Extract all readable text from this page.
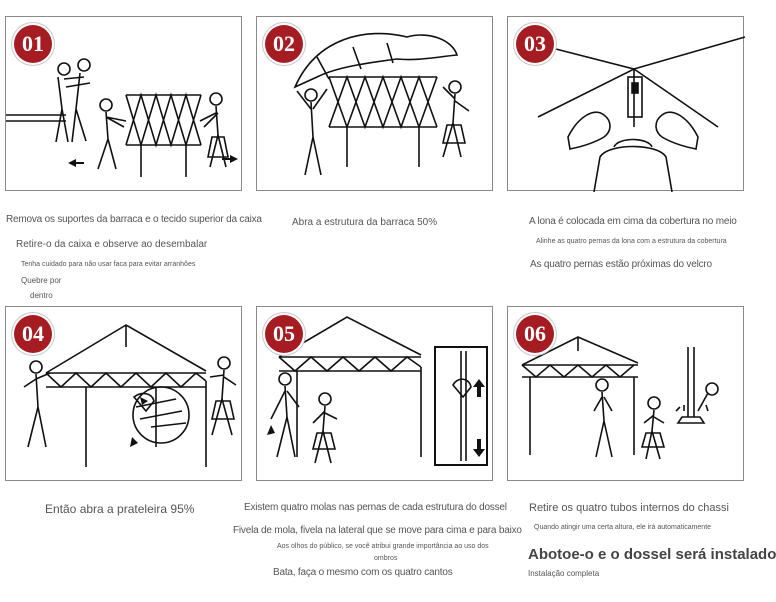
01	02	03
04	05	06
Remova os suportes da barraca e o tecido superior da caixa
Retire-o da caixa e observe ao desembalar
Tenha cuidado para não usar faca para evitar arranhões
Quebre por
dentro
Abra a estrutura da barraca 50%	A lona é colocada em cima da cobertura no meio
Alinhe as quatro pernas da lona com a estrutura da cobertura
As quatro pernas estão próximas do velcro
Então abra a prateleira 95%	Existem quatro molas nas pernas de cada estrutura do dossel
Fivela de mola, fivela na lateral que se move para cima e para baixo
Aos olhos do público, se você atribui grande importância ao uso dos
ombros
Bata, faça o mesmo com os quatro cantos
Retire os quatro tubos internos do chassi
Quando atingir uma certa altura, ele irá automaticamente
Abotoe-o e o dossel será instalado
Instalação completa
